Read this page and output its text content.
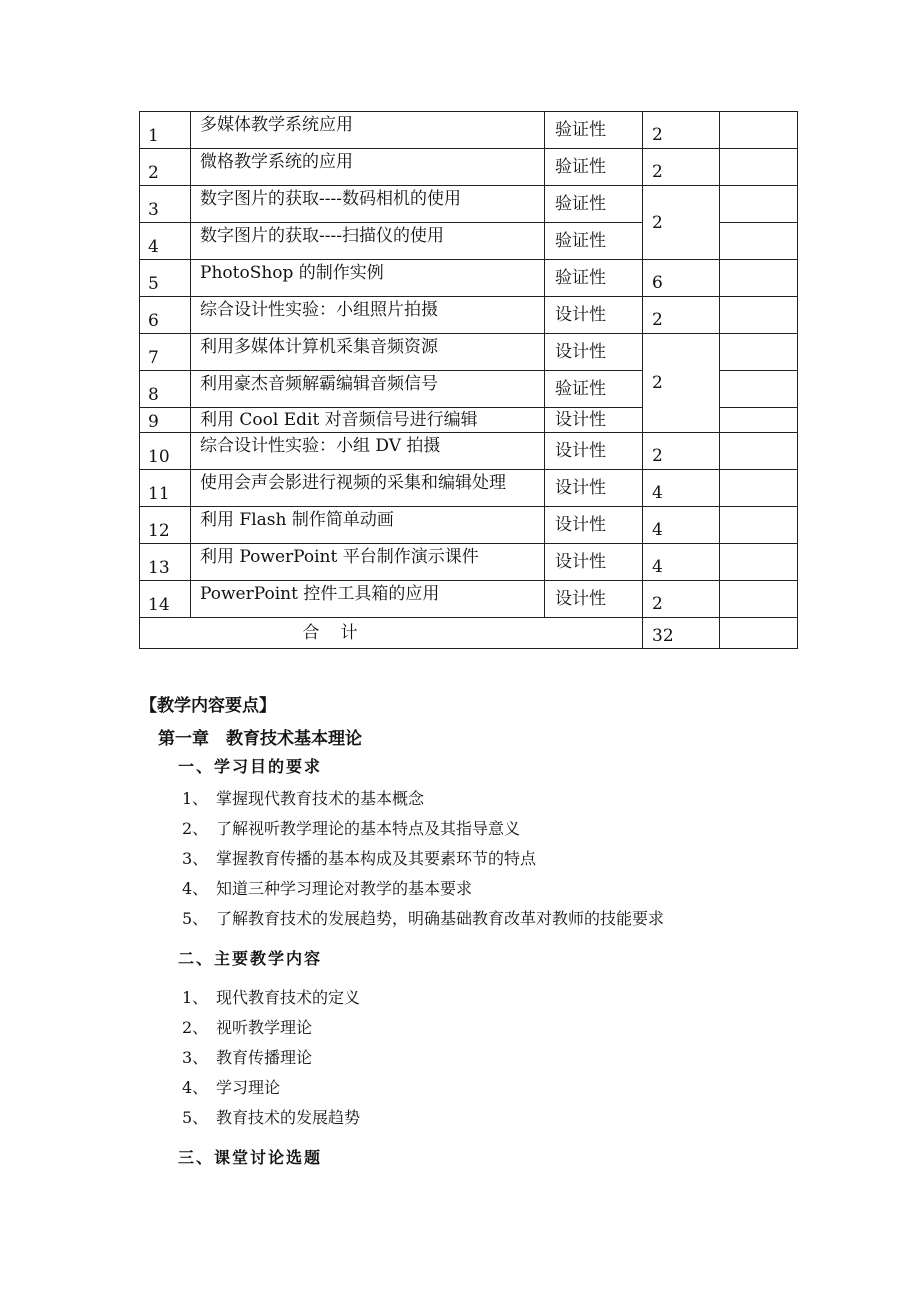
1	多媒体教学系统应用	验证性	2	
2	微格教学系统的应用	验证性	2	
3	数字图片的获取----数码相机的使用	验证性	2	
4	数字图片的获取----扫描仪的使用	验证性		
5	PhotoShop 的制作实例	验证性	6	
6	综合设计性实验：小组照片拍摄	设计性	2	
7	利用多媒体计算机采集音频资源	设计性	2	
8	利用豪杰音频解霸编辑音频信号	验证性		
9	利用 Cool Edit 对音频信号进行编辑	设计性		
10	综合设计性实验：小组 DV 拍摄	设计性	2	
11	使用会声会影进行视频的采集和编辑处理	设计性	4	
12	利用 Flash 制作简单动画	设计性	4	
13	利用 PowerPoint 平台制作演示课件	设计性	4	
14	PowerPoint 控件工具箱的应用	设计性	2	
合　计			32	
【教学内容要点】
第一章　教育技术基本理论
一、学习目的要求
1、 掌握现代教育技术的基本概念
2、 了解视听教学理论的基本特点及其指导意义
3、 掌握教育传播的基本构成及其要素环节的特点
4、 知道三种学习理论对教学的基本要求
5、 了解教育技术的发展趋势，明确基础教育改革对教师的技能要求
二、主要教学内容
1、 现代教育技术的定义
2、 视听教学理论
3、 教育传播理论
4、 学习理论
5、 教育技术的发展趋势
三、课堂讨论选题
